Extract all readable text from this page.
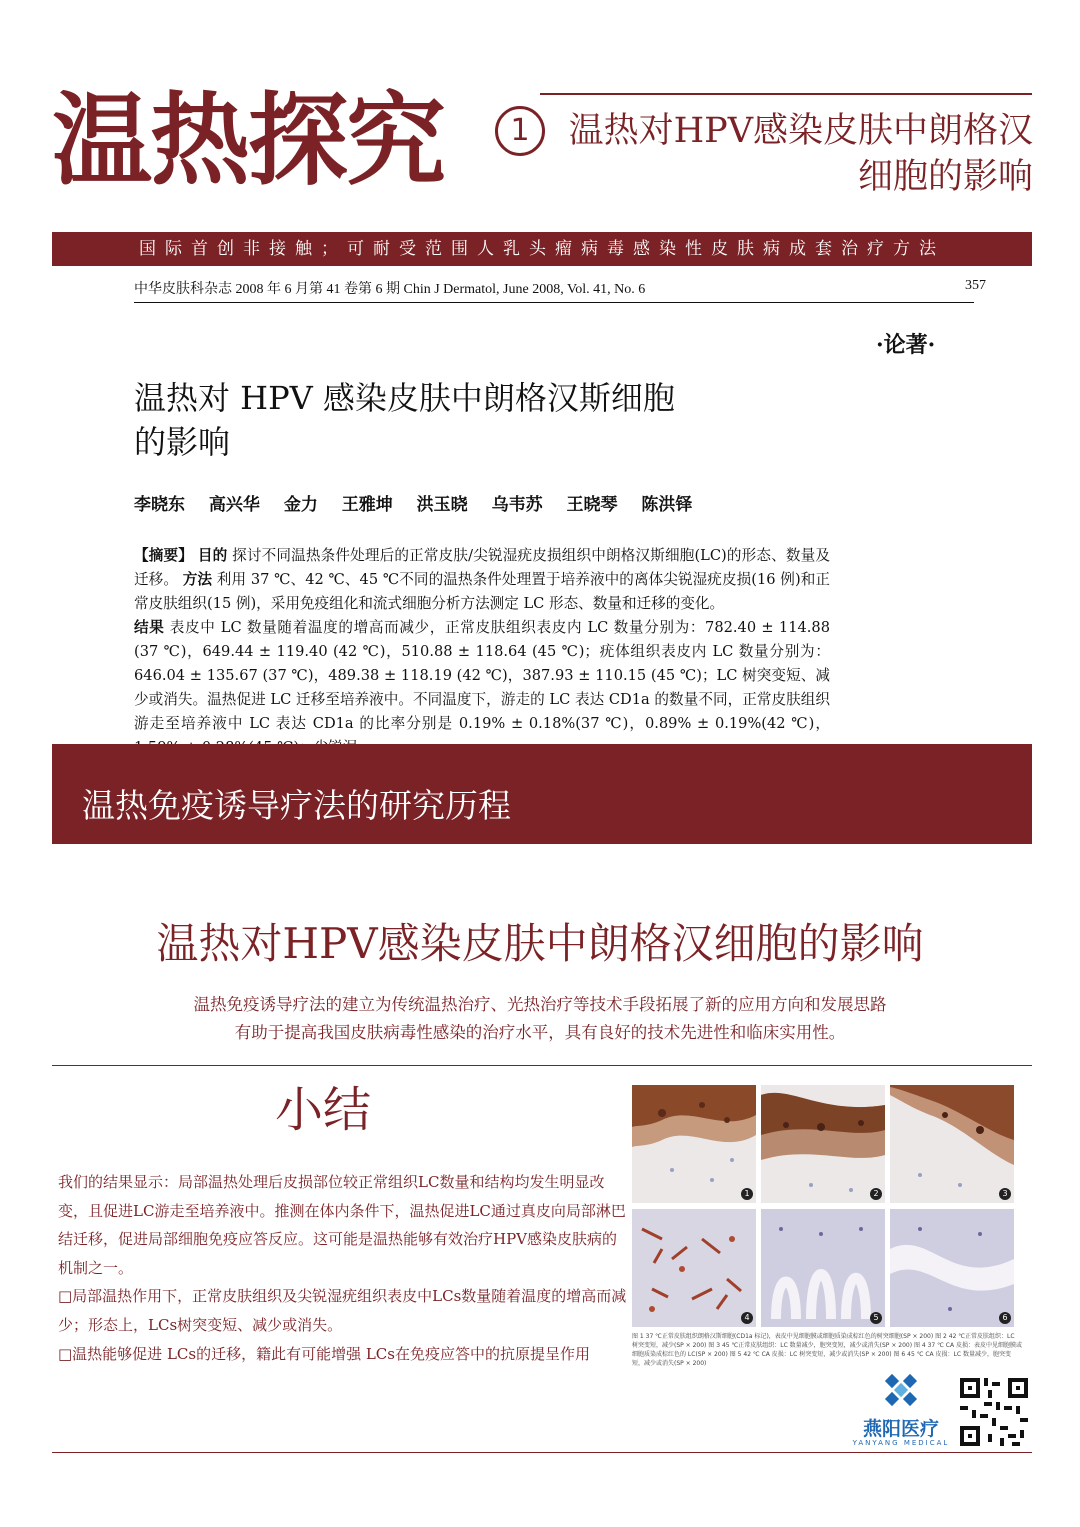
温热探究	1	温热对HPV感染皮肤中朗格汉
细胞的影响
国际首创非接触；可耐受范围人乳头瘤病毒感染性皮肤病成套治疗方法
中华皮肤科杂志 2008 年 6 月第 41 卷第 6 期 Chin J Dermatol, June 2008, Vol. 41, No. 6	357
·论著·
温热对 HPV 感染皮肤中朗格汉斯细胞
的影响
李晓东 高兴华 金力 王雅坤 洪玉晓 乌韦苏 王晓琴 陈洪铎
【摘要】 目的 探讨不同温热条件处理后的正常皮肤/尖锐湿疣皮损组织中朗格汉斯细胞(LC)的形态、数量及迁移。 方法 利用 37 ℃、42 ℃、45 ℃不同的温热条件处理置于培养液中的离体尖锐湿疣皮损(16 例)和正常皮肤组织(15 例)，采用免疫组化和流式细胞分析方法测定 LC 形态、数量和迁移的变化。
结果 表皮中 LC 数量随着温度的增高而减少，正常皮肤组织表皮内 LC 数量分别为：782.40 ± 114.88 (37 ℃)，649.44 ± 119.40 (42 ℃)，510.88 ± 118.64 (45 ℃)；疣体组织表皮内 LC 数量分别为：646.04 ± 135.67 (37 ℃)，489.38 ± 118.19 (42 ℃)，387.93 ± 110.15 (45 ℃)；LC 树突变短、减少或消失。温热促进 LC 迁移至培养液中。不同温度下，游走的 LC 表达 CD1a 的数量不同，正常皮肤组织游走至培养液中 LC 表达 CD1a 的比率分别是 0.19% ± 0.18%(37 ℃)，0.89% ± 0.19%(42 ℃)，
温热免疫诱导疗法的研究历程
温热对HPV感染皮肤中朗格汉细胞的影响
温热免疫诱导疗法的建立为传统温热治疗、光热治疗等技术手段拓展了新的应用方向和发展思路
有助于提高我国皮肤病毒性感染的治疗水平，具有良好的技术先进性和临床实用性。
小结

我们的结果显示：局部温热处理后皮损部位较正常组织LC数量和结构均发生明显改变，且促进LC游走至培养液中。推测在体内条件下，温热促进LC通过真皮向局部淋巴结迁移，促进局部细胞免疫应答反应。这可能是温热能够有效治疗HPV感染皮肤病的机制之一。

□局部温热作用下，正常皮肤组织及尖锐湿疣组织表皮中LCs数量随着温度的增高而减少；形态上，LCs树突变短、减少或消失。

□温热能够促进 LCs的迁移，籍此有可能增强 LCs在免疫应答中的抗原提呈作用

1	2	3
4	5	6
图 1 37 ℃正常皮肤组织朗格汉斯细胞(CD1a 标记)，表皮中见细胞膜或细胞质染成棕红色的树突细胞(SP × 200) 图 2 42 ℃正常皮肤组织：LC 树突变短，减少(SP × 200) 图 3 45 ℃正常皮肤组织：LC 数量减少，胞突变短，减少或消失(SP × 200) 图 4 37 ℃ CA 皮损：表皮中见细胞膜或细胞质染成棕红色的 LC(SP × 200) 图 5 42 ℃ CA 皮损：LC 树突变短，减少或消失(SP × 200) 图 6 45 ℃ CA 皮损：LC 数量减少，胞突变短，减少或消失(SP × 200)
燕阳医疗
YANYANG MEDICAL
